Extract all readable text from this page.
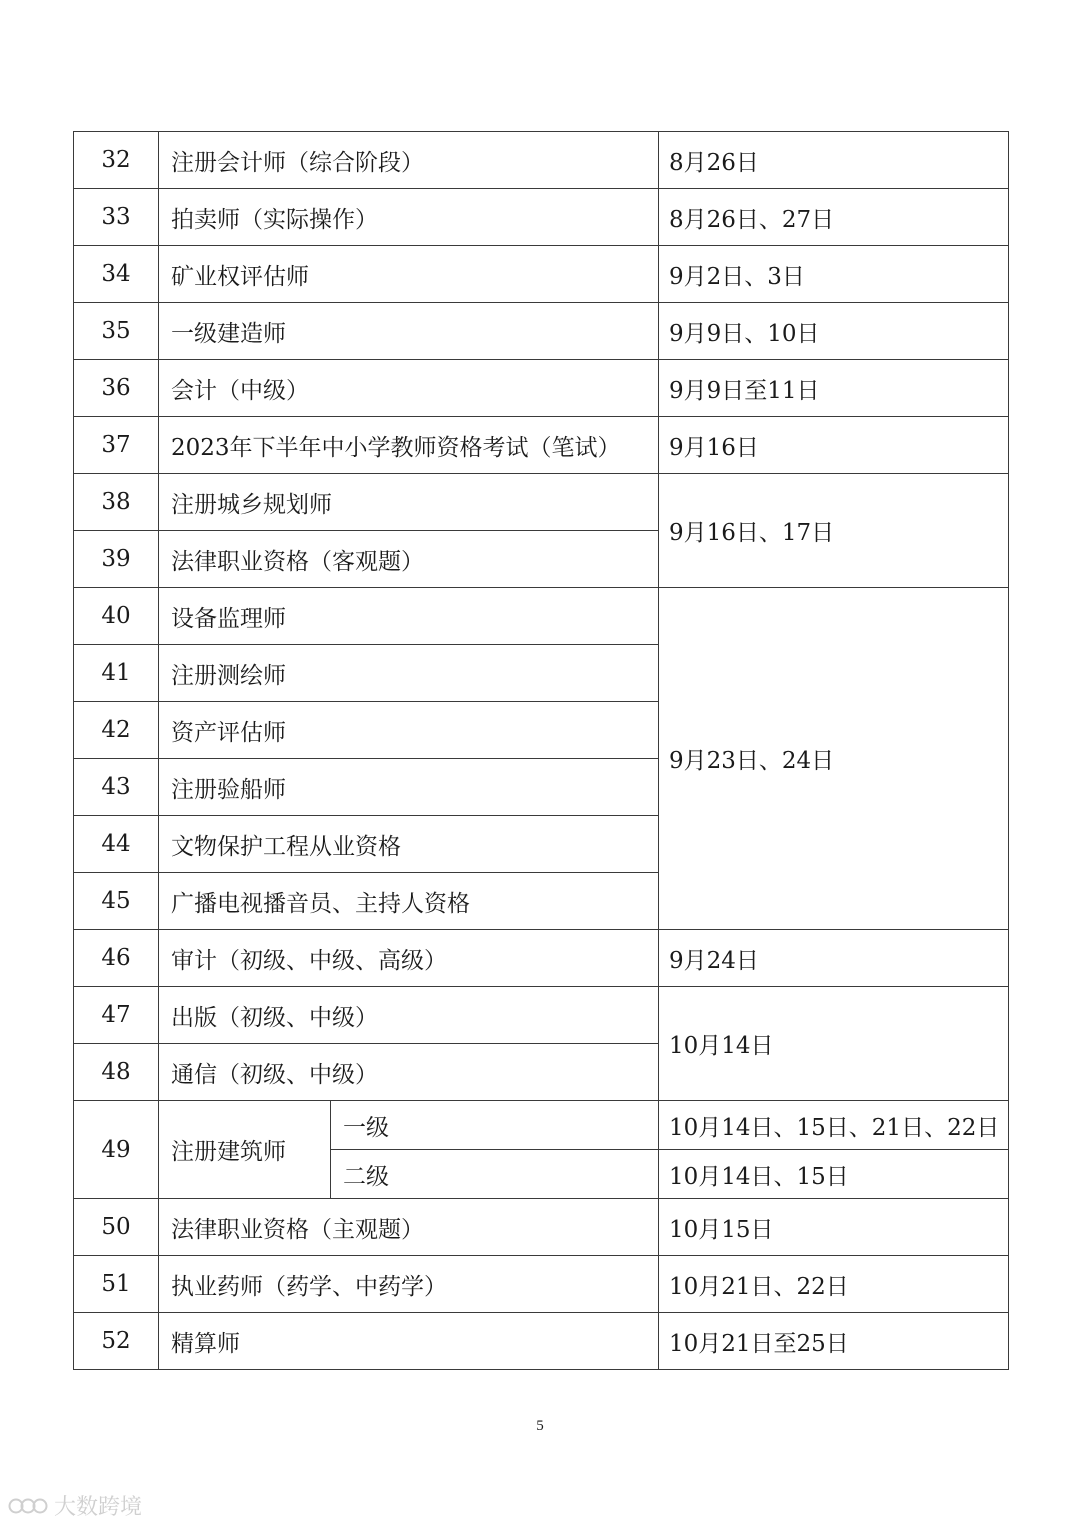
32	注册会计师（综合阶段）		8月26日
33	拍卖师（实际操作）		8月26日、27日
34	矿业权评估师		9月2日、3日
35	一级建造师		9月9日、10日
36	会计（中级）		9月9日至11日
37	2023年下半年中小学教师资格考试（笔试）		9月16日
38	注册城乡规划师		9月16日、17日
39	法律职业资格（客观题）		
40	设备监理师		9月23日、24日
41	注册测绘师		
42	资产评估师		
43	注册验船师		
44	文物保护工程从业资格		
45	广播电视播音员、主持人资格		
46	审计（初级、中级、高级）		9月24日
47	出版（初级、中级）		10月14日
48	通信（初级、中级）		
49	注册建筑师	一级	10月14日、15日、21日、22日
		二级	10月14日、15日
50	法律职业资格（主观题）		10月15日
51	执业药师（药学、中药学）		10月21日、22日
52	精算师		10月21日至25日
5
大数跨境
